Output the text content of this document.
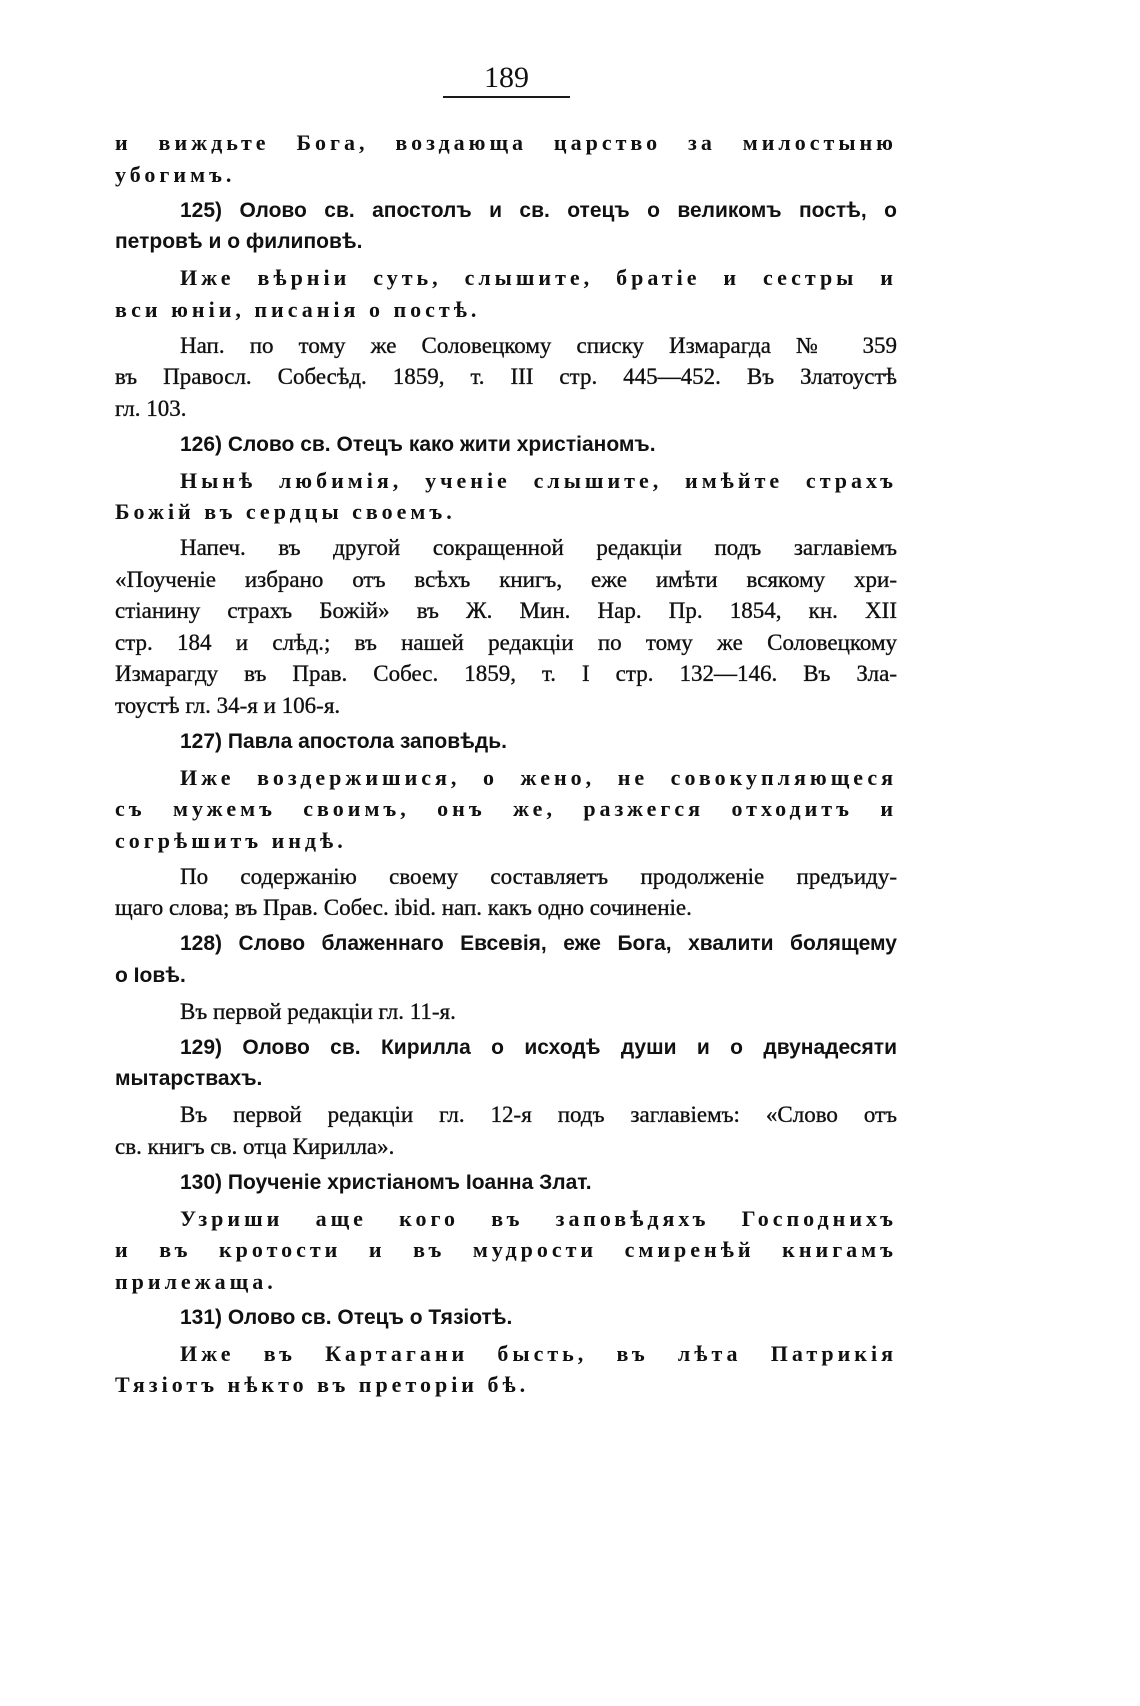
189
и виждьте Бога, воздающа царство за милостыню
убогимъ.
125) Олово св. апостолъ и св. отецъ о великомъ постѣ, о
петровѣ и о филиповѣ.
Иже вѣрніи суть, слышите, братіе и сестры и
вси юніи, писанія о постѣ.
Нап. по тому же Соловецкому списку Измарагда № 359
въ Правосл. Собесѣд. 1859, т. III стр. 445—452. Въ Златоустѣ
гл. 103.
126) Слово св. Отецъ како жити христіаномъ.
Нынѣ любимія, ученіе слышите, имѣйте страхъ
Божій въ сердцы своемъ.
Напеч. въ другой сокращенной редакціи подъ заглавіемъ
«Поученіе избрано отъ всѣхъ книгъ, еже имѣти всякому хри-
стіанину страхъ Божій» въ Ж. Мин. Нар. Пр. 1854, кн. XII
стр. 184 и слѣд.; въ нашей редакціи по тому же Соловецкому
Измарагду въ Прав. Собес. 1859, т. I стр. 132—146. Въ Зла-
тоустѣ гл. 34-я и 106-я.
127) Павла апостола заповѣдь.
Иже воздержишися, о жено, не совокупляющеся
съ мужемъ своимъ, онъ же, разжегся отходитъ и
согрѣшитъ индѣ.
По содержанію своему составляетъ продолженіе предъиду-
щаго слова; въ Прав. Собес. ibid. нап. какъ одно сочиненіе.
128) Слово блаженнаго Евсевія, еже Бога, хвалити болящему
о Іовѣ.
Въ первой редакціи гл. 11-я.
129) Олово св. Кирилла о исходѣ души и о двунадесяти
мытарствахъ.
Въ первой редакціи гл. 12-я подъ заглавіемъ: «Слово отъ
св. книгъ св. отца Кирилла».
130) Поученіе христіаномъ Іоанна Злат.
Узриши аще кого въ заповѣдяхъ Господнихъ
и въ кротости и въ мудрости смиренѣй книгамъ
прилежаща.
131) Олово св. Отецъ о Тязіотѣ.
Иже въ Картагани бысть, въ лѣта Патрикія
Тязіотъ нѣкто въ преторіи бѣ.
